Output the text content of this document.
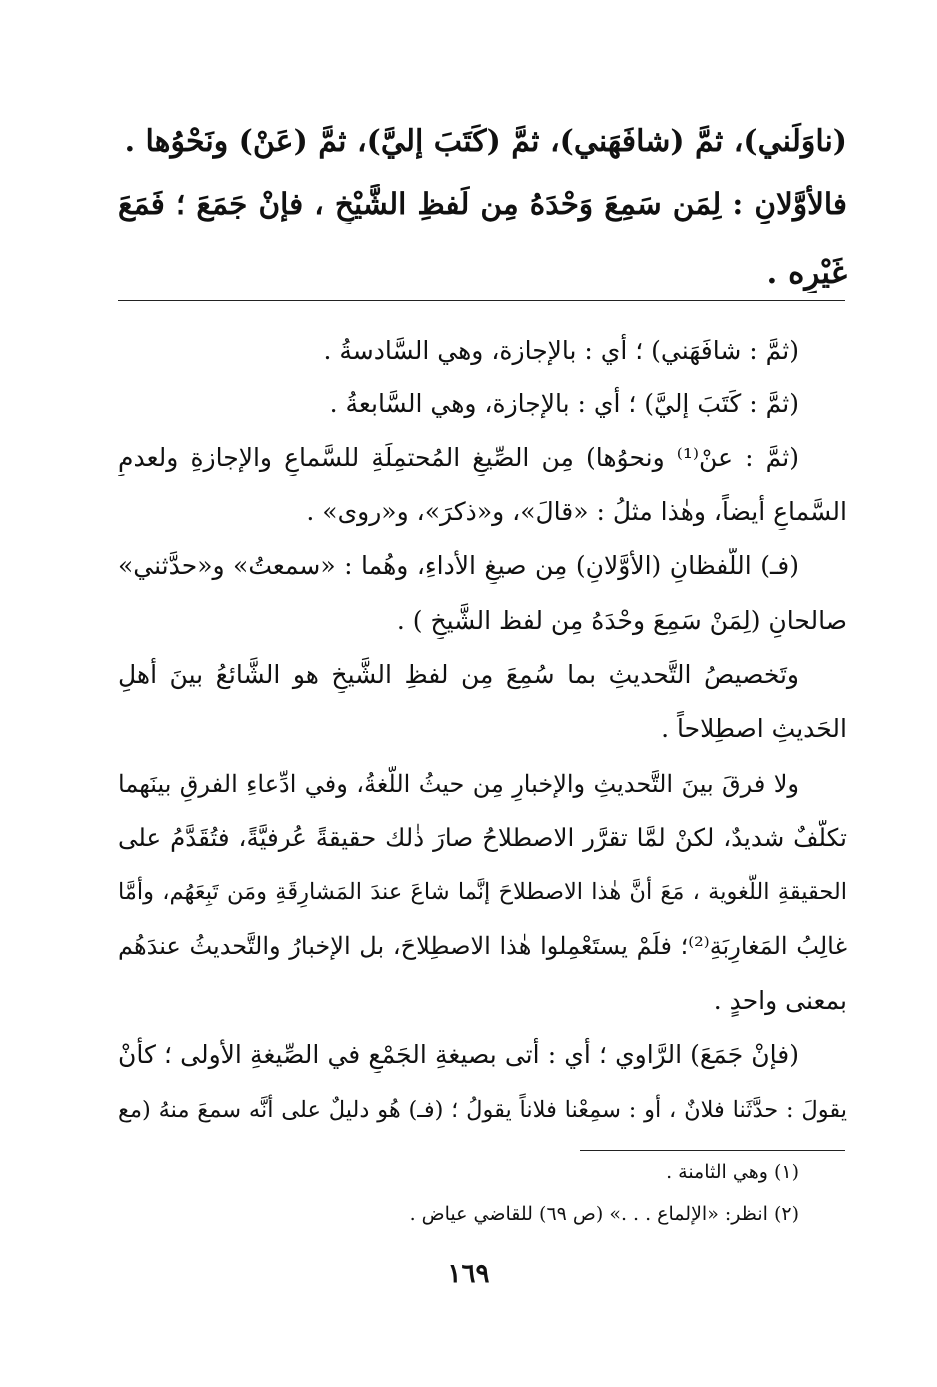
(ناوَلَني)، ثمَّ (شافَهَني)، ثمَّ (كَتَبَ إليَّ)، ثمَّ (عَنْ) ونَحْوُها .
فالأوَّلانِ : لِمَن سَمِعَ وَحْدَهُ مِن لَفظِ الشَّيْخِ ، فإنْ جَمَعَ ؛ فَمَعَ
غَيْرِه .
(ثمَّ : شافَهَني) ؛ أي : بالإجازة، وهي السَّادسةُ .
(ثمَّ : كَتَبَ إليَّ) ؛ أي : بالإجازة، وهي السَّابعةُ .
(ثمَّ : عنْ⁽¹⁾ ونحوُها) مِن الصِّيغِ المُحتمِلَةِ للسَّماعِ والإجازةِ ولعدمِ
السَّماعِ أيضاً، وهٰذا مثلُ : «قالَ»، و«ذكرَ»، و«روى» .
(فـ) اللَّفظانِ (الأوَّلانِ) مِن صيغِ الأداءِ، وهُما : «سمعتُ» و«حدَّثني»
صالحانِ (لِمَنْ سَمِعَ وحْدَهُ مِن لفظ الشَّيخِ ) .
وتَخصيصُ التَّحديثِ بما سُمِعَ مِن لفظِ الشَّيخِ هو الشَّائعُ بينَ أهلِ
الحَديثِ اصطِلاحاً .
ولا فرقَ بينَ التَّحديثِ والإخبارِ مِن حيثُ اللُّغةُ، وفي ادِّعاءِ الفرقِ بينَهما
تكلُّفٌ شديدٌ، لكنْ لمَّا تقرَّر الاصطلاحُ صارَ ذٰلك حقيقةً عُرفيَّةً، فتُقَدَّمُ على
الحقيقةِ اللُّغوية ، مَعَ أنَّ هٰذا الاصطلاحَ إنَّما شاعَ عندَ المَشارِقَةِ ومَن تَبِعَهُم، وأمَّا
غالِبُ المَغارِبَةِ⁽²⁾؛ فلَمْ يستَعْمِلوا هٰذا الاصطِلاحَ، بل الإخبارُ والتَّحديثُ عندَهُم
بمعنى واحدٍ .
(فإنْ جَمَعَ) الرَّاوي ؛ أي : أتى بصيغةِ الجَمْعِ في الصِّيغةِ الأولى ؛ كأنْ
يقولَ : حدَّثَنا فلانٌ ، أو : سمِعْنا فلاناً يقولُ ؛ (فـ) هُو دليلٌ على أنَّه سمعَ منهُ (مع
(١) وهي الثامنة .
(٢) انظر: «الإلماع . . .» (ص ٦٩) للقاضي عياض .
١٦٩
